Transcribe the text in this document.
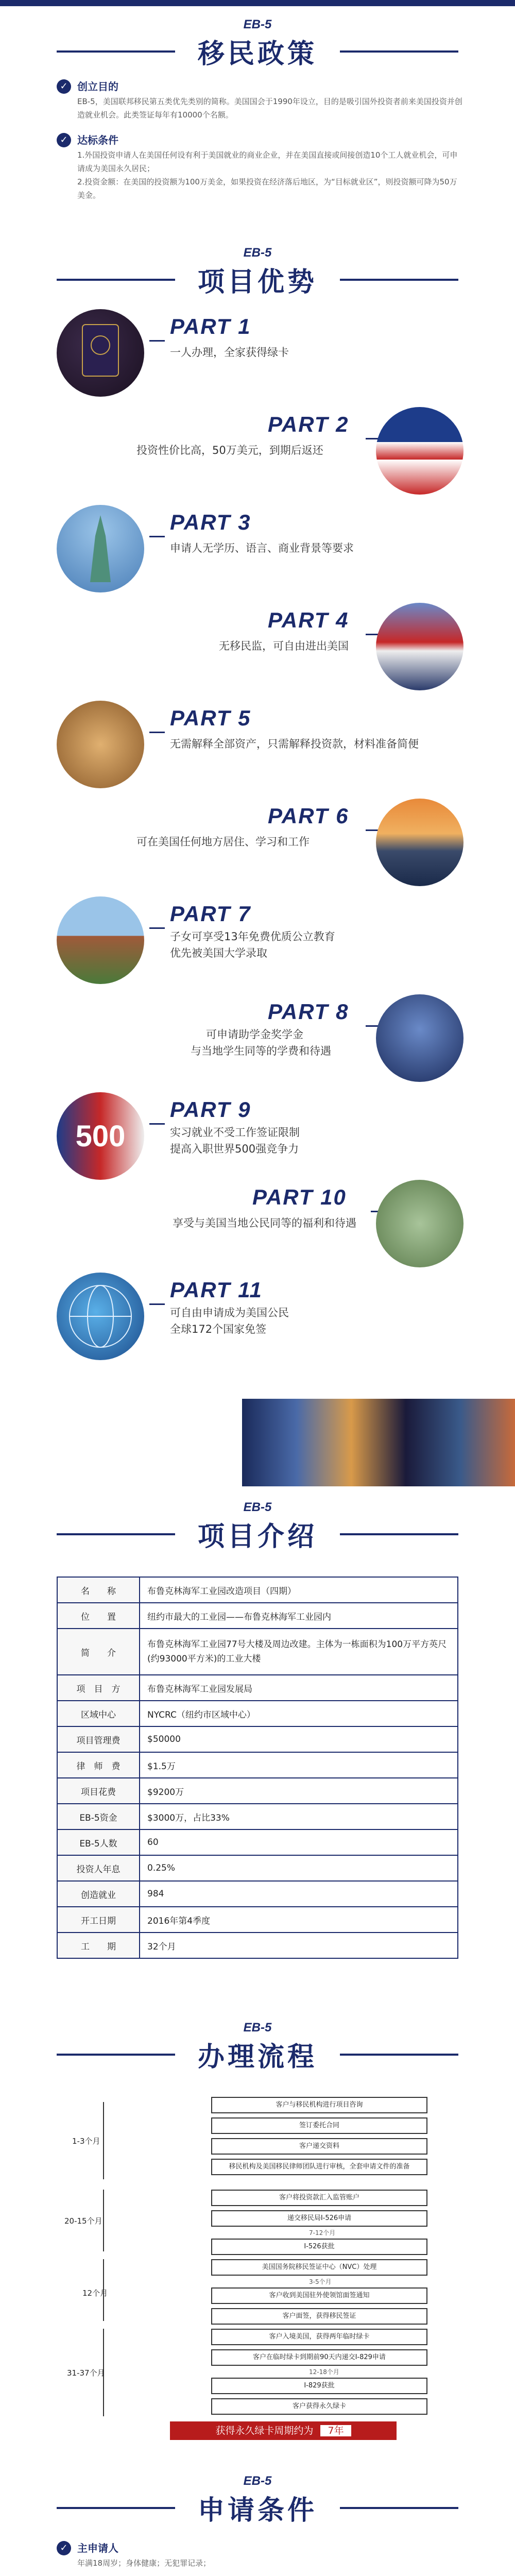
EB-5
移民政策
✓ 创立目的

EB-5，美国联邦移民第五类优先类别的简称。美国国会于1990年设立，目的是吸引国外投资者前来美国投资并创造就业机会。此类签证每年有10000个名额。

✓ 达标条件

1.外国投资申请人在美国任何设有利于美国就业的商业企业，并在美国直接或间接创造10个工人就业机会，可申请成为美国永久居民；

2.投资金额：在美国的投资额为100万美金，如果投资在经济落后地区，为“目标就业区”，则投资额可降为50万美金。

EB-5
项目优势
PART 1
一人办理，全家获得绿卡
PART 2
投资性价比高，50万美元，到期后返还
PART 3
申请人无学历、语言、商业背景等要求
PART 4
无移民监，可自由进出美国
PART 5
无需解释全部资产，只需解释投资款，材料准备简便
PART 6
可在美国任何地方居住、学习和工作
PART 7
子女可享受13年免费优质公立教育
优先被美国大学录取
PART 8
可申请助学金奖学金
与当地学生同等的学费和待遇
500
PART 9
实习就业不受工作签证限制
提高入职世界500强竞争力
PART 10
享受与美国当地公民同等的福利和待遇
PART 11
可自由申请成为美国公民
全球172个国家免签
EB-5
项目介绍
名　　称	布鲁克林海军工业园改造项目（四期）
位　　置	纽约市最大的工业园——布鲁克林海军工业园内
简　　介	布鲁克林海军工业园77号大楼及周边改建。主体为一栋面积为100万平方英尺(约93000平方米)的工业大楼
项　目　方	布鲁克林海军工业园发展局
区域中心	NYCRC（纽约市区域中心）
项目管理费	$50000
律　师　费	$1.5万
项目花费	$9200万
EB-5资金	$3000万，占比33%
EB-5人数	60
投资人年息	0.25%
创造就业	984
开工日期	2016年第4季度
工　　期	32个月
EB-5
办理流程
客户与移民机构进行项目咨询
签订委托合同
客户递交资料
移民机构及美国移民律师团队进行审核，全套申请文件的准备
客户将投资款汇入监管账户
递交移民局I-526申请
7-12个月
I-526获批
美国国务院移民签证中心（NVC）处理
3-5个月
客户收到美国驻外使领馆面签通知
客户面签，获得移民签证
客户入境美国，获得两年临时绿卡
客户在临时绿卡到期前90天内递交I-829申请
12-18个月
I-829获批
客户获得永久绿卡
1-3个月
20-15个月
12个月
31-37个月
获得永久绿卡周期约为 7年
EB-5
申请条件
✓ 主申请人

年满18周岁；身体健康；无犯罪记录；
